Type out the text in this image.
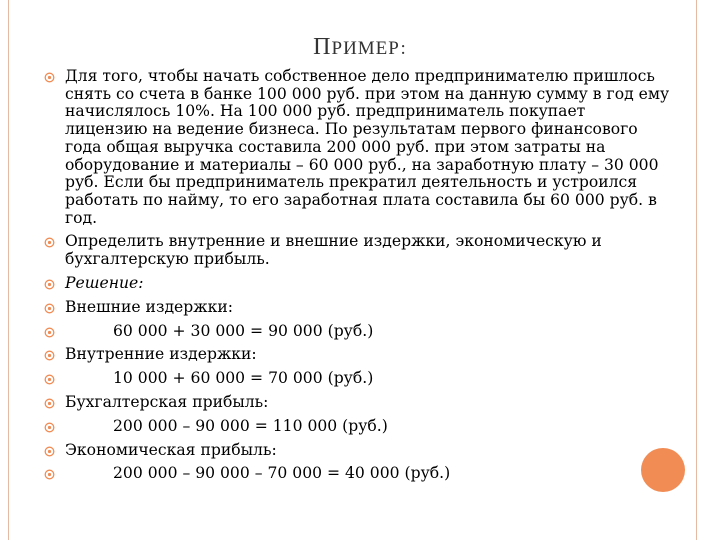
ПРИМЕР:
Для того, чтобы начать собственное дело предпринимателю пришлось снять со счета в банке 100 000 руб. при этом на данную сумму в год ему начислялось 10%. На 100 000 руб. предприниматель покупает лицензию на ведение бизнеса. По результатам первого финансового года общая выручка составила 200 000 руб. при этом затраты на оборудование и материалы – 60 000 руб., на заработную плату – 30 000 руб. Если бы предприниматель прекратил деятельность и устроился работать по найму, то его заработная плата составила бы 60 000 руб. в год.
Определить внутренние и внешние издержки, экономическую и бухгалтерскую прибыль.
Решение:
Внешние издержки:
60 000 + 30 000 = 90 000 (руб.)
Внутренние издержки:
10 000 + 60 000 = 70 000 (руб.)
Бухгалтерская прибыль:
200 000 – 90 000 = 110 000 (руб.)
Экономическая прибыль:
200 000 – 90 000 – 70 000 = 40 000 (руб.)
